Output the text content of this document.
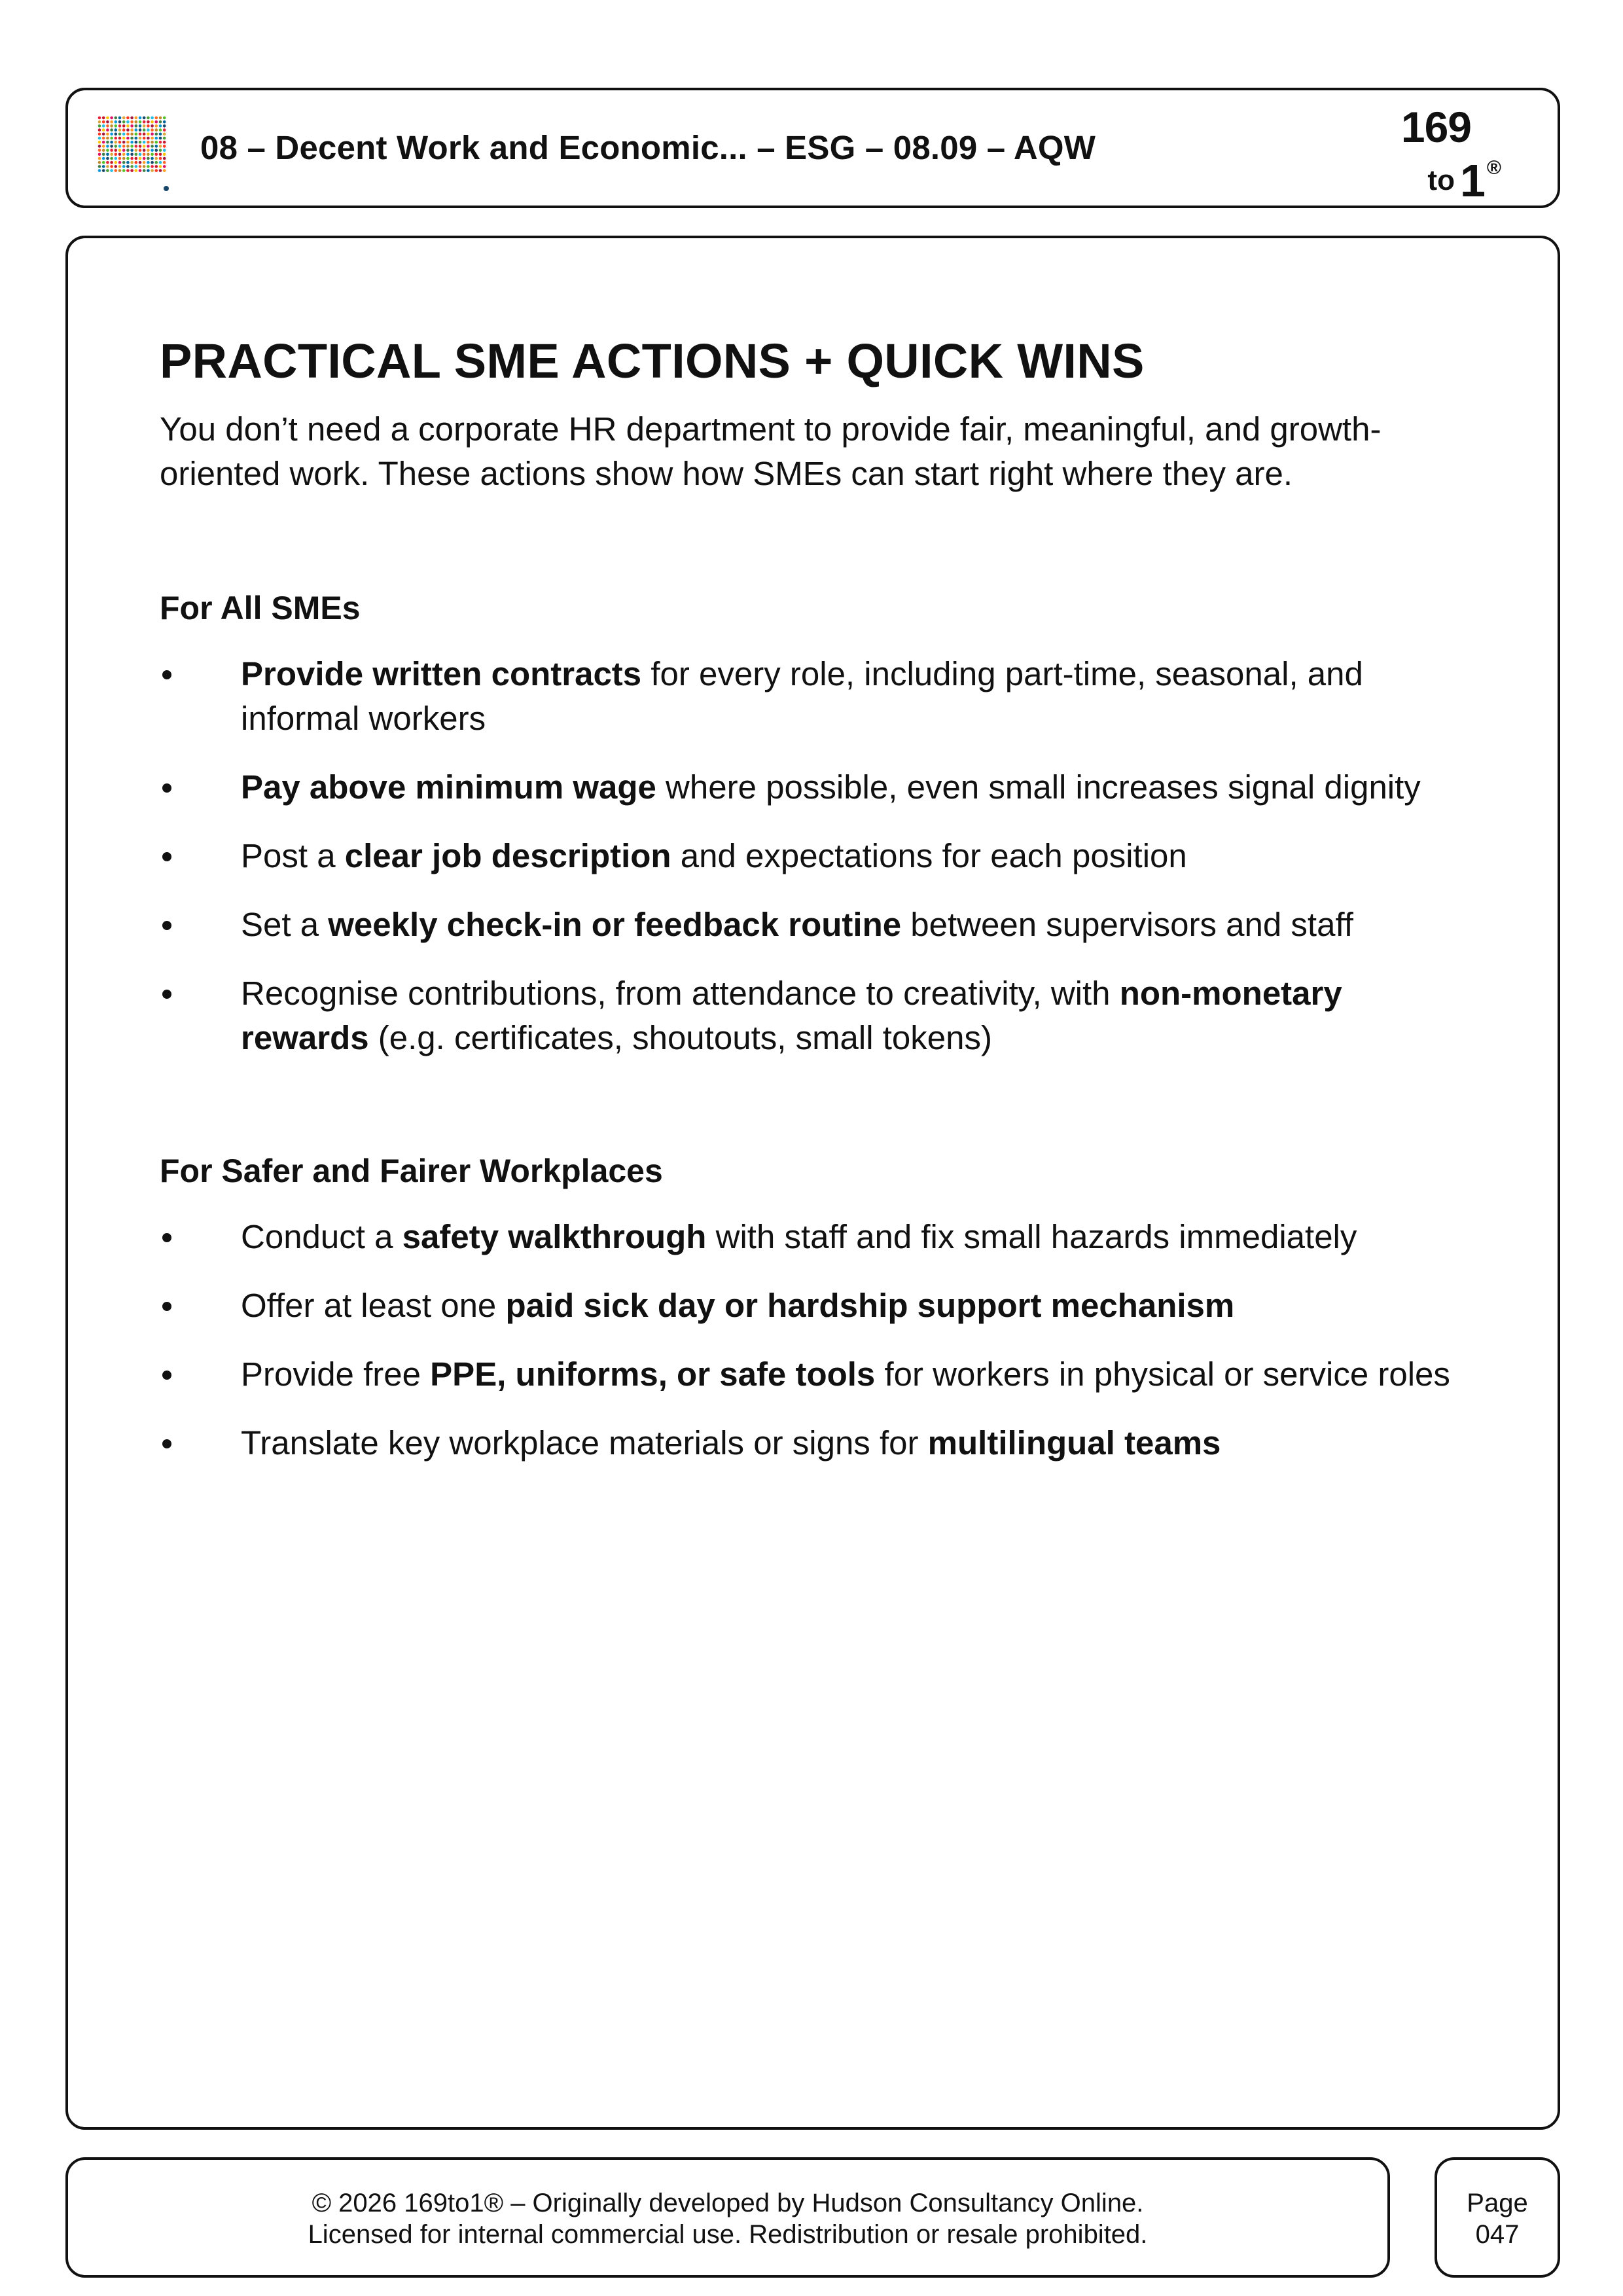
08 – Decent Work and Economic... – ESG – 08.09 – AQW	169
to 1®
PRACTICAL SME ACTIONS + QUICK WINS

You don’t need a corporate HR department to provide fair, meaningful, and growth-oriented work. These actions show how SMEs can start right where they are.

For All SMEs
Provide written contracts for every role, including part-time, seasonal, and informal workers
Pay above minimum wage where possible, even small increases signal dignity
Post a clear job description and expectations for each position
Set a weekly check-in or feedback routine between supervisors and staff
Recognise contributions, from attendance to creativity, with non-monetary rewards (e.g. certificates, shoutouts, small tokens)
For Safer and Fairer Workplaces
Conduct a safety walkthrough with staff and fix small hazards immediately
Offer at least one paid sick day or hardship support mechanism
Provide free PPE, uniforms, or safe tools for workers in physical or service roles
Translate key workplace materials or signs for multilingual teams
© 2026 169to1® – Originally developed by Hudson Consultancy Online.
Licensed for internal commercial use. Redistribution or resale prohibited.
Page
047
